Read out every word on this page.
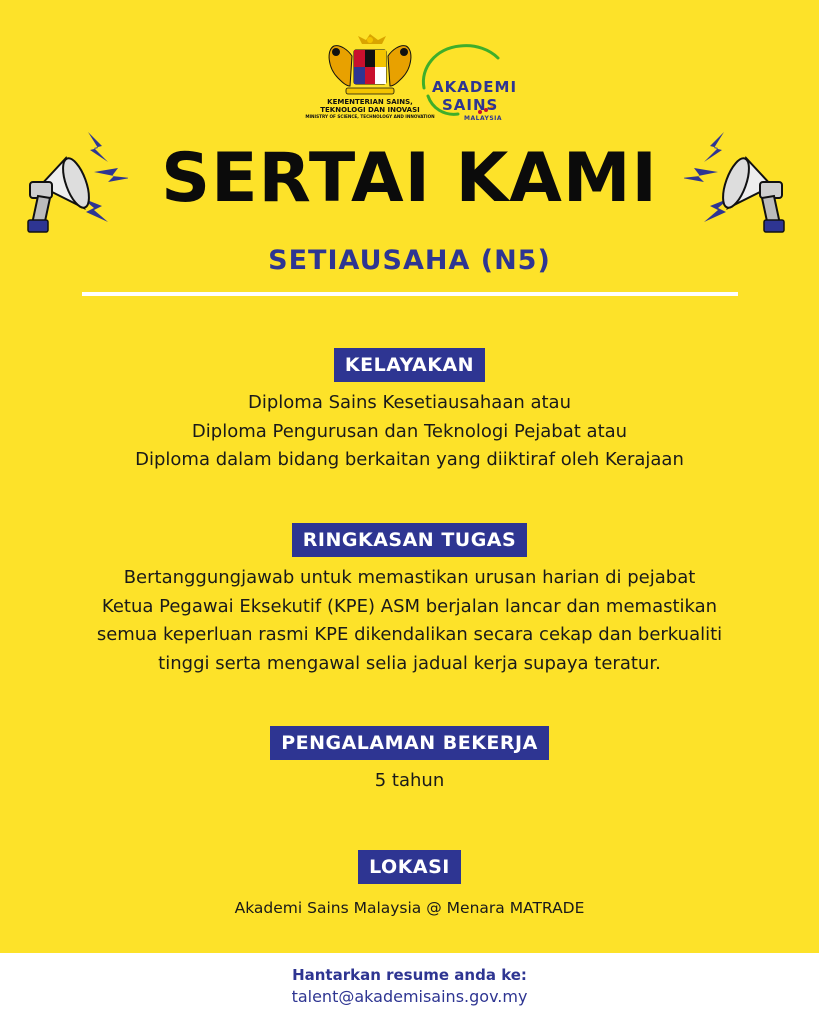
KEMENTERIAN SAINS,
TEKNOLOGI DAN INOVASI
MINISTRY OF SCIENCE, TECHNOLOGY AND INNOVATION
AKADEMI
SAINS
MALAYSIA
SERTAI KAMI
SETIAUSAHA (N5)
KELAYAKAN

Diploma Sains Kesetiausahaan atau

Diploma Pengurusan dan Teknologi Pejabat atau

Diploma dalam bidang berkaitan yang diiktiraf oleh Kerajaan

RINGKASAN TUGAS

Bertanggungjawab untuk memastikan urusan harian di pejabat

Ketua Pegawai Eksekutif (KPE) ASM berjalan lancar dan memastikan

semua keperluan rasmi KPE dikendalikan secara cekap dan berkualiti

tinggi serta mengawal selia jadual kerja supaya teratur.

PENGALAMAN BEKERJA

5 tahun

LOKASI

Akademi Sains Malaysia @ Menara MATRADE

Hantarkan resume anda ke:
talent@akademisains.gov.my
